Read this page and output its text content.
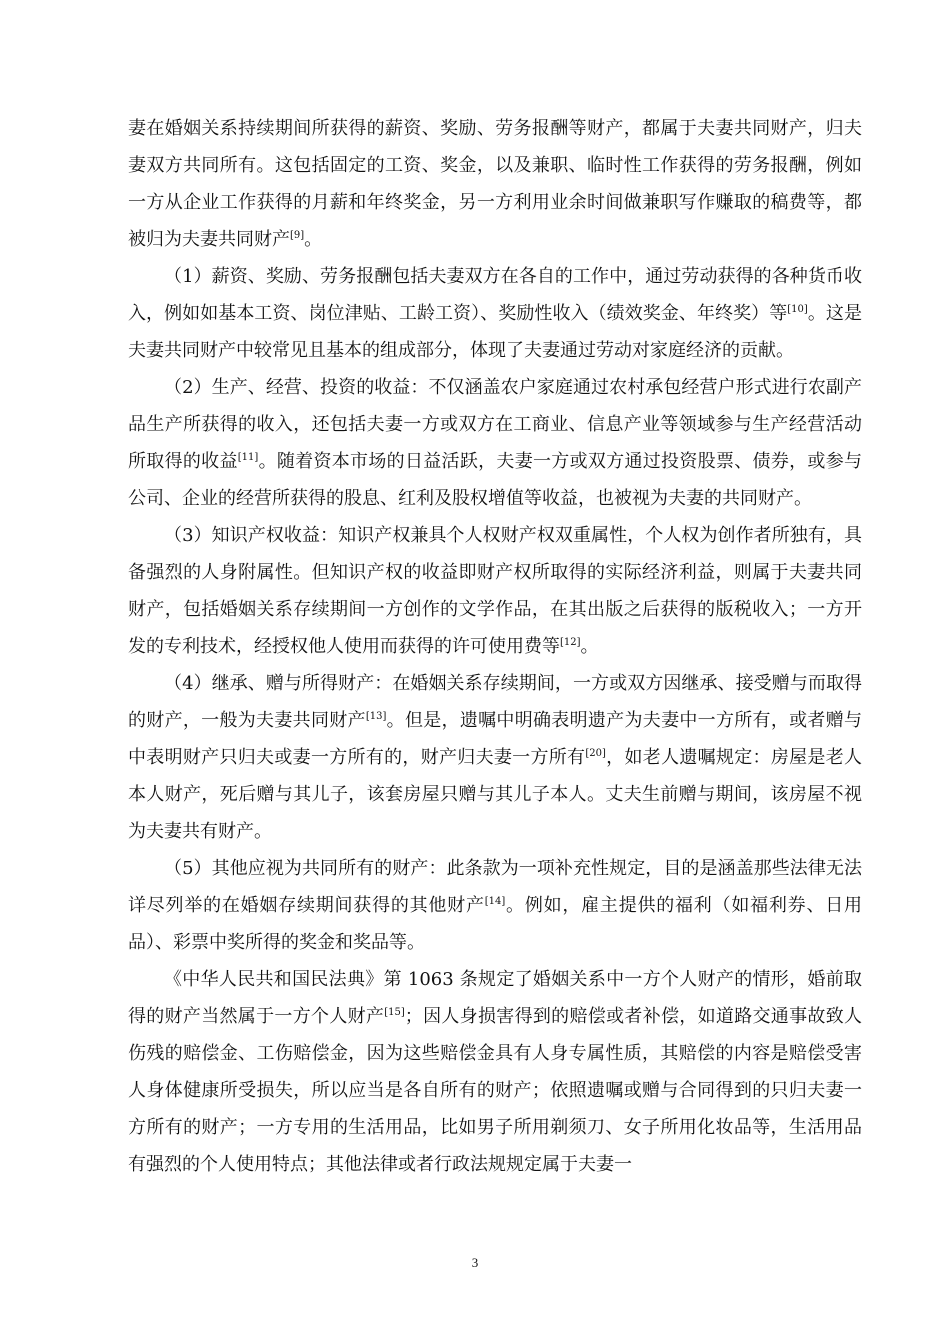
妻在婚姻关系持续期间所获得的薪资、奖励、劳务报酬等财产，都属于夫妻共同财产，归夫妻双方共同所有。这包括固定的工资、奖金，以及兼职、临时性工作获得的劳务报酬，例如一方从企业工作获得的月薪和年终奖金，另一方利用业余时间做兼职写作赚取的稿费等，都被归为夫妻共同财产[9]。

（1）薪资、奖励、劳务报酬包括夫妻双方在各自的工作中，通过劳动获得的各种货币收入，例如如基本工资、岗位津贴、工龄工资）、奖励性收入（绩效奖金、年终奖）等[10]。这是夫妻共同财产中较常见且基本的组成部分，体现了夫妻通过劳动对家庭经济的贡献。

（2）生产、经营、投资的收益：不仅涵盖农户家庭通过农村承包经营户形式进行农副产品生产所获得的收入，还包括夫妻一方或双方在工商业、信息产业等领域参与生产经营活动所取得的收益[11]。随着资本市场的日益活跃，夫妻一方或双方通过投资股票、债券，或参与公司、企业的经营所获得的股息、红利及股权增值等收益，也被视为夫妻的共同财产。

（3）知识产权收益：知识产权兼具个人权财产权双重属性，个人权为创作者所独有，具备强烈的人身附属性。但知识产权的收益即财产权所取得的实际经济利益，则属于夫妻共同财产，包括婚姻关系存续期间一方创作的文学作品，在其出版之后获得的版税收入；一方开发的专利技术，经授权他人使用而获得的许可使用费等[12]。

（4）继承、赠与所得财产：在婚姻关系存续期间，一方或双方因继承、接受赠与而取得的财产，一般为夫妻共同财产[13]。但是，遗嘱中明确表明遗产为夫妻中一方所有，或者赠与中表明财产只归夫或妻一方所有的，财产归夫妻一方所有[20]，如老人遗嘱规定：房屋是老人本人财产，死后赠与其儿子，该套房屋只赠与其儿子本人。丈夫生前赠与期间，该房屋不视为夫妻共有财产。

（5）其他应视为共同所有的财产：此条款为一项补充性规定，目的是涵盖那些法律无法详尽列举的在婚姻存续期间获得的其他财产[14]。例如，雇主提供的福利（如福利券、日用品）、彩票中奖所得的奖金和奖品等。

《中华人民共和国民法典》第 1063 条规定了婚姻关系中一方个人财产的情形，婚前取得的财产当然属于一方个人财产[15]；因人身损害得到的赔偿或者补偿，如道路交通事故致人伤残的赔偿金、工伤赔偿金，因为这些赔偿金具有人身专属性质，其赔偿的内容是赔偿受害人身体健康所受损失，所以应当是各自所有的财产；依照遗嘱或赠与合同得到的只归夫妻一方所有的财产；一方专用的生活用品，比如男子所用剃须刀、女子所用化妆品等，生活用品有强烈的个人使用特点；其他法律或者行政法规规定属于夫妻一

3
